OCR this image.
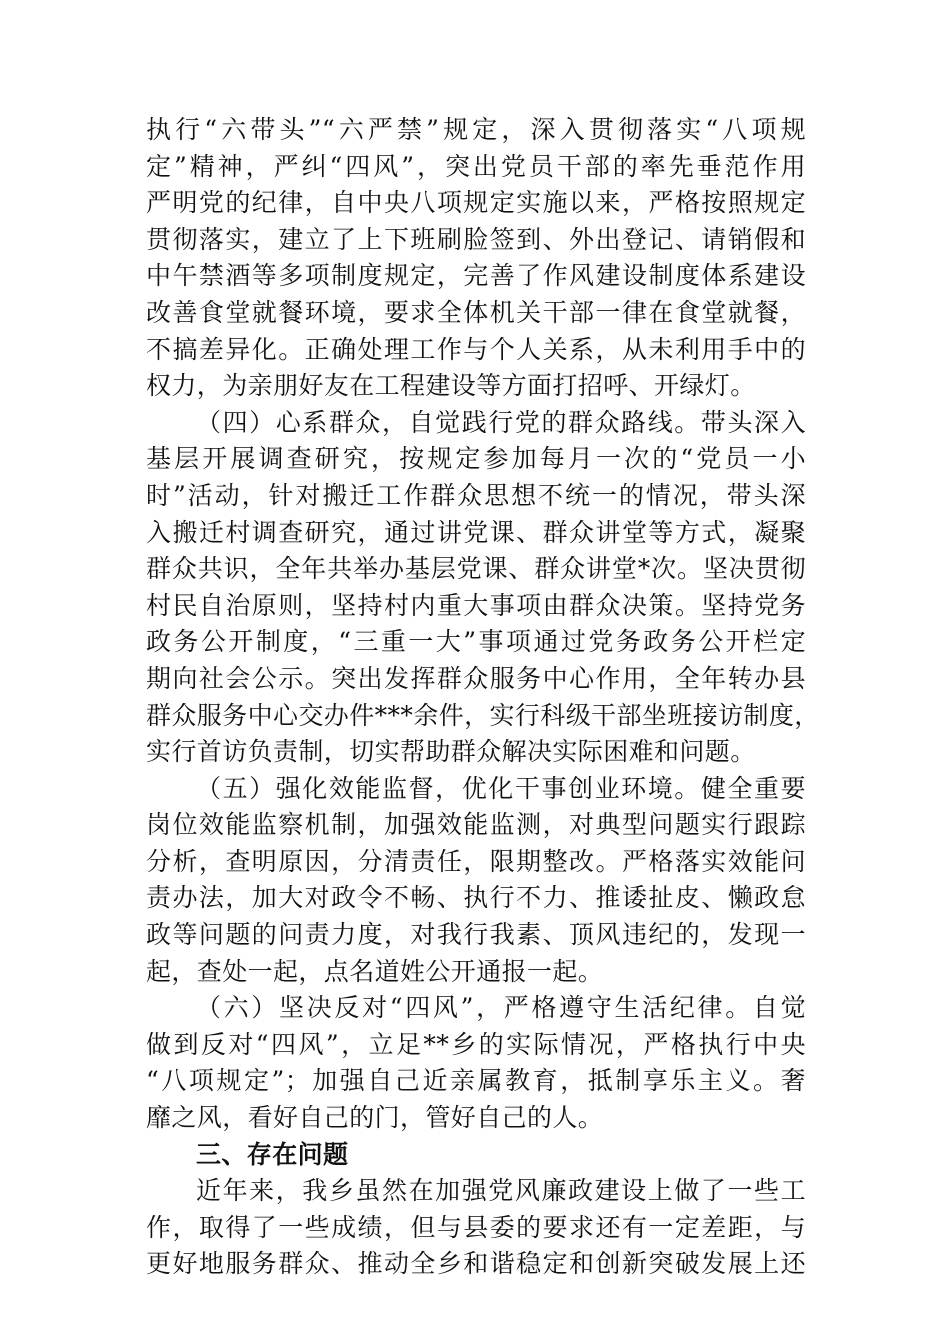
执行“六带头”“六严禁”规定，深入贯彻落实“八项规
定”精神，严纠“四风”，突出党员干部的率先垂范作用
严明党的纪律，自中央八项规定实施以来，严格按照规定
贯彻落实，建立了上下班刷脸签到、外出登记、请销假和
中午禁酒等多项制度规定，完善了作风建设制度体系建设
改善食堂就餐环境，要求全体机关干部一律在食堂就餐，
不搞差异化。正确处理工作与个人关系，从未利用手中的
权力，为亲朋好友在工程建设等方面打招呼、开绿灯。
（四）心系群众，自觉践行党的群众路线。带头深入
基层开展调查研究，按规定参加每月一次的“党员一小
时”活动，针对搬迁工作群众思想不统一的情况，带头深
入搬迁村调查研究，通过讲党课、群众讲堂等方式，凝聚
群众共识，全年共举办基层党课、群众讲堂*次。坚决贯彻
村民自治原则，坚持村内重大事项由群众决策。坚持党务
政务公开制度，“三重一大”事项通过党务政务公开栏定
期向社会公示。突出发挥群众服务中心作用，全年转办县
群众服务中心交办件***余件，实行科级干部坐班接访制度，
实行首访负责制，切实帮助群众解决实际困难和问题。
（五）强化效能监督，优化干事创业环境。健全重要
岗位效能监察机制，加强效能监测，对典型问题实行跟踪
分析，查明原因，分清责任，限期整改。严格落实效能问
责办法，加大对政令不畅、执行不力、推诿扯皮、懒政怠
政等问题的问责力度，对我行我素、顶风违纪的，发现一
起，查处一起，点名道姓公开通报一起。
（六）坚决反对“四风”，严格遵守生活纪律。自觉
做到反对“四风”，立足**乡的实际情况，严格执行中央
“八项规定”；加强自己近亲属教育，抵制享乐主义。奢
靡之风，看好自己的门，管好自己的人。
三、存在问题
近年来，我乡虽然在加强党风廉政建设上做了一些工
作，取得了一些成绩，但与县委的要求还有一定差距，与
更好地服务群众、推动全乡和谐稳定和创新突破发展上还
